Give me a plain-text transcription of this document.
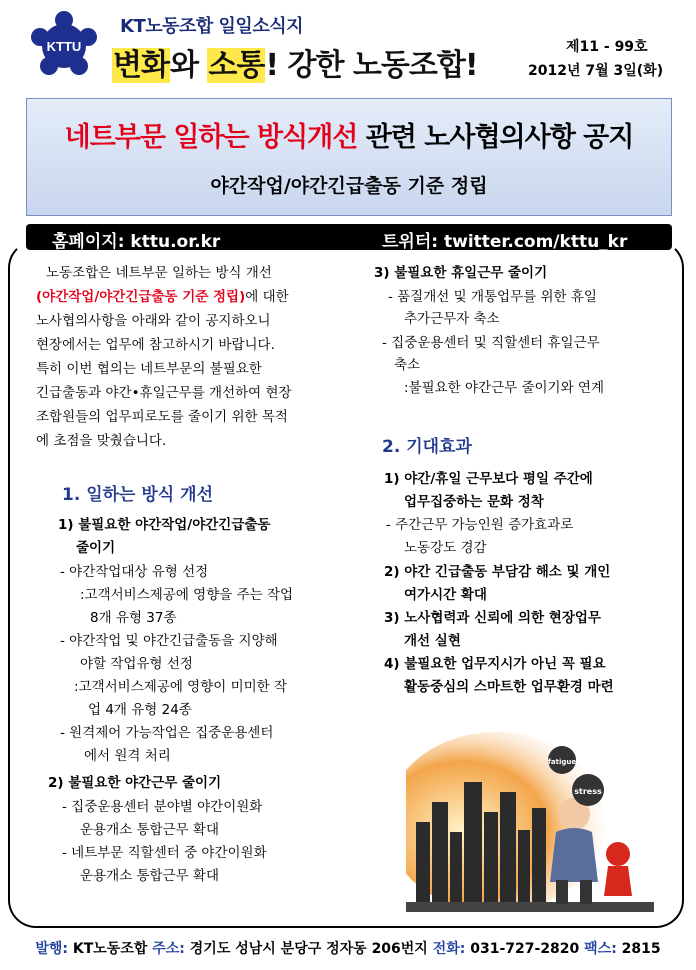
KTTU
KT노동조합 일일소식지
변화와 소통! 강한 노동조합!
제11 - 99호
2012년 7월 3일(화)
네트부문 일하는 방식개선 관련 노사협의사항 공지
야간작업/야간긴급출동 기준 정립
홈페이지: kttu.or.kr	트위터: twitter.com/kttu_kr
노동조합은 네트부문 일하는 방식 개선
(야간작업/야간긴급출동 기준 정립)에 대한
노사협의사항을 아래와 같이 공지하오니
현장에서는 업무에 참고하시기 바랍니다.
특히 이번 협의는 네트부문의 불필요한
긴급출동과 야간•휴일근무를 개선하여 현장
조합원들의 업무피로도를 줄이기 위한 목적
에 초점을 맞췄습니다.
1. 일하는 방식 개선
1) 불필요한 야간작업/야간긴급출동
줄이기
- 야간작업대상 유형 선정
:고객서비스제공에 영향을 주는 작업
8개 유형 37종
- 야간작업 및 야간긴급출동을 지양해
야할 작업유형 선정
:고객서비스제공에 영향이 미미한 작
업 4개 유형 24종
- 원격제어 가능작업은 집중운용센터
에서 원격 처리
2) 불필요한 야간근무 줄이기
- 집중운용센터 분야별 야간이원화
운용개소 통합근무 확대
- 네트부문 직할센터 중 야간이원화
운용개소 통합근무 확대
3) 불필요한 휴일근무 줄이기
- 품질개선 및 개통업무를 위한 휴일
추가근무자 축소
- 집중운용센터 및 직할센터 휴일근무
축소
:불필요한 야간근무 줄이기와 연계
2. 기대효과
1) 야간/휴일 근무보다 평일 주간에
업무집중하는 문화 정착
- 주간근무 가능인원 증가효과로
노동강도 경감
2) 야간 긴급출동 부담감 해소 및 개인
여가시간 확대
3) 노사협력과 신뢰에 의한 현장업무
개선 실현
4) 불필요한 업무지시가 아닌 꼭 필요
활동중심의 스마트한 업무환경 마련
stress
fatigue
발행: KT노동조합 주소: 경기도 성남시 분당구 정자동 206번지 전화: 031-727-2820 팩스: 2815
